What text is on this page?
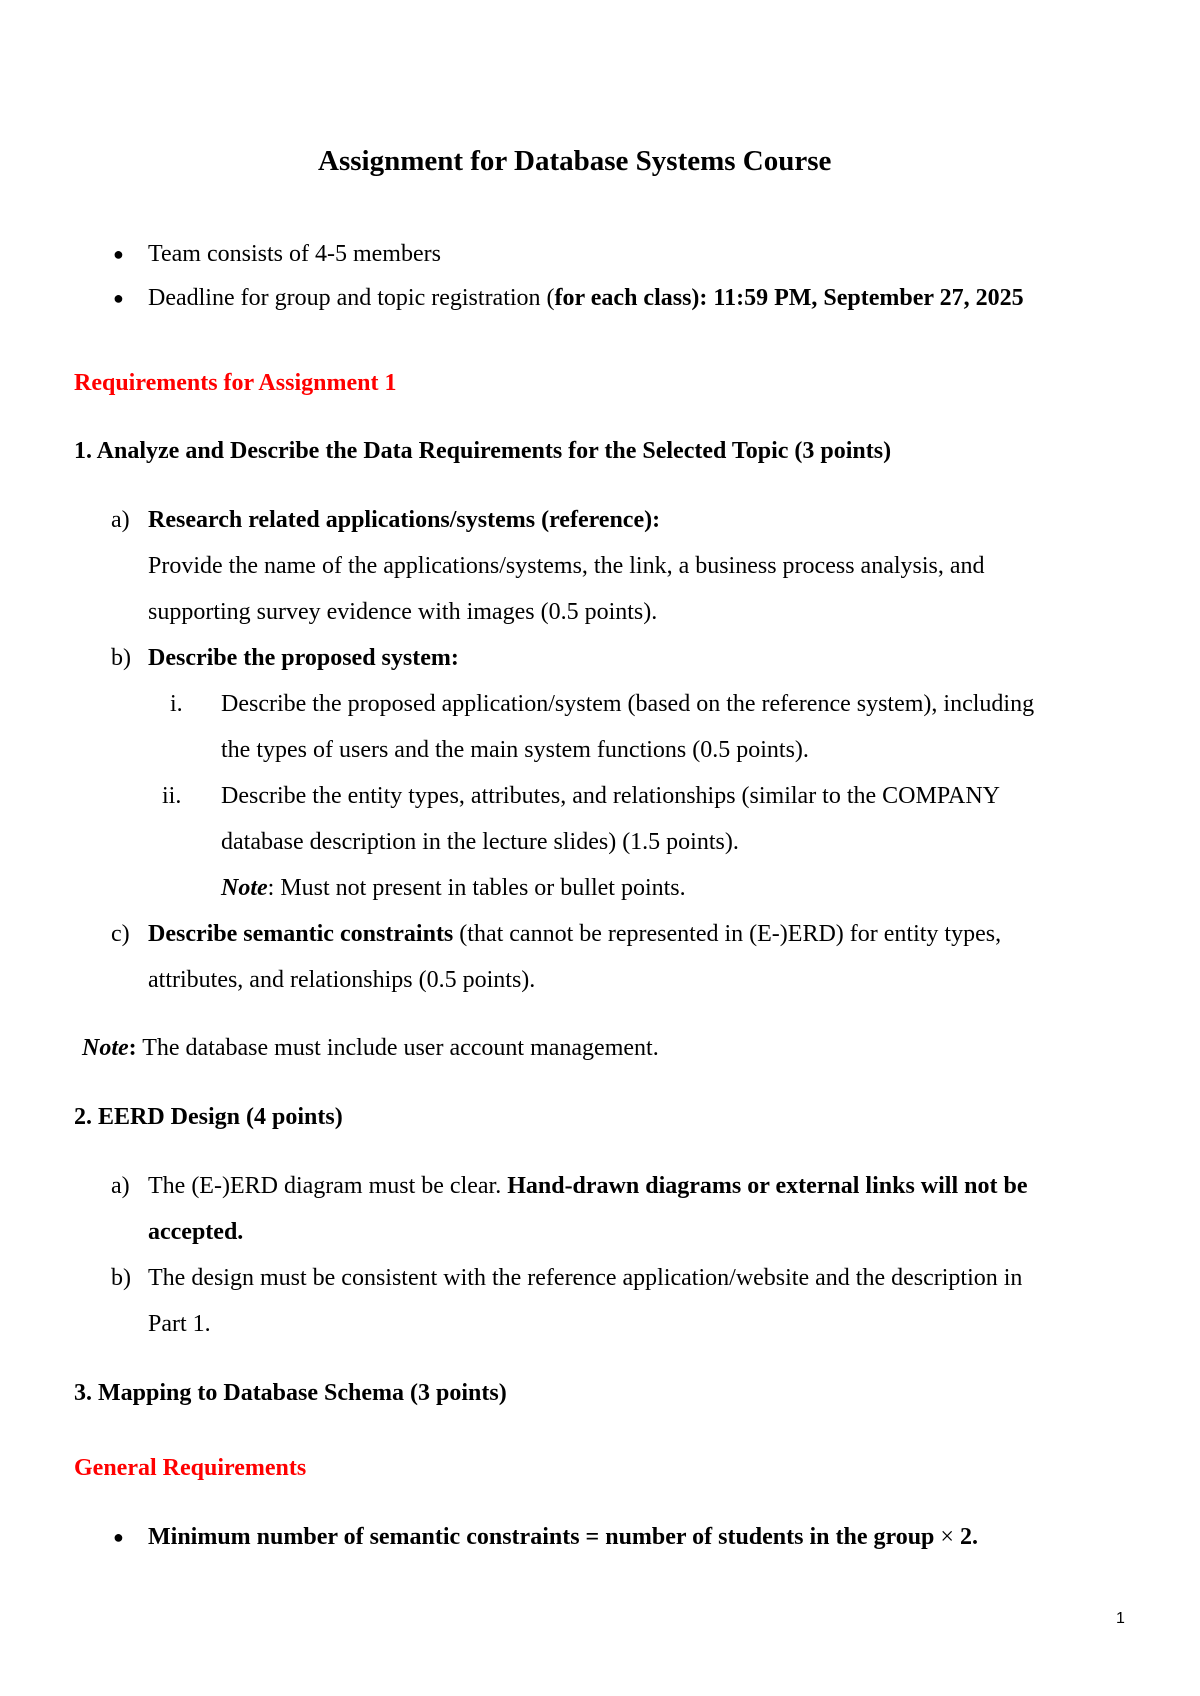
Assignment for Database Systems Course
● Team consists of 4-5 members
● Deadline for group and topic registration (for each class): 11:59 PM, September 27, 2025
Requirements for Assignment 1
1. Analyze and Describe the Data Requirements for the Selected Topic (3 points)
a) Research related applications/systems (reference):
Provide the name of the applications/systems, the link, a business process analysis, and
supporting survey evidence with images (0.5 points).
b) Describe the proposed system:
i. Describe the proposed application/system (based on the reference system), including
the types of users and the main system functions (0.5 points).
ii. Describe the entity types, attributes, and relationships (similar to the COMPANY
database description in the lecture slides) (1.5 points).
Note: Must not present in tables or bullet points.
c) Describe semantic constraints (that cannot be represented in (E-)ERD) for entity types,
attributes, and relationships (0.5 points).
Note: The database must include user account management.
2. EERD Design (4 points)
a) The (E-)ERD diagram must be clear. Hand-drawn diagrams or external links will not be
accepted.
b) The design must be consistent with the reference application/website and the description in
Part 1.
3. Mapping to Database Schema (3 points)
General Requirements
● Minimum number of semantic constraints = number of students in the group × 2.
1
